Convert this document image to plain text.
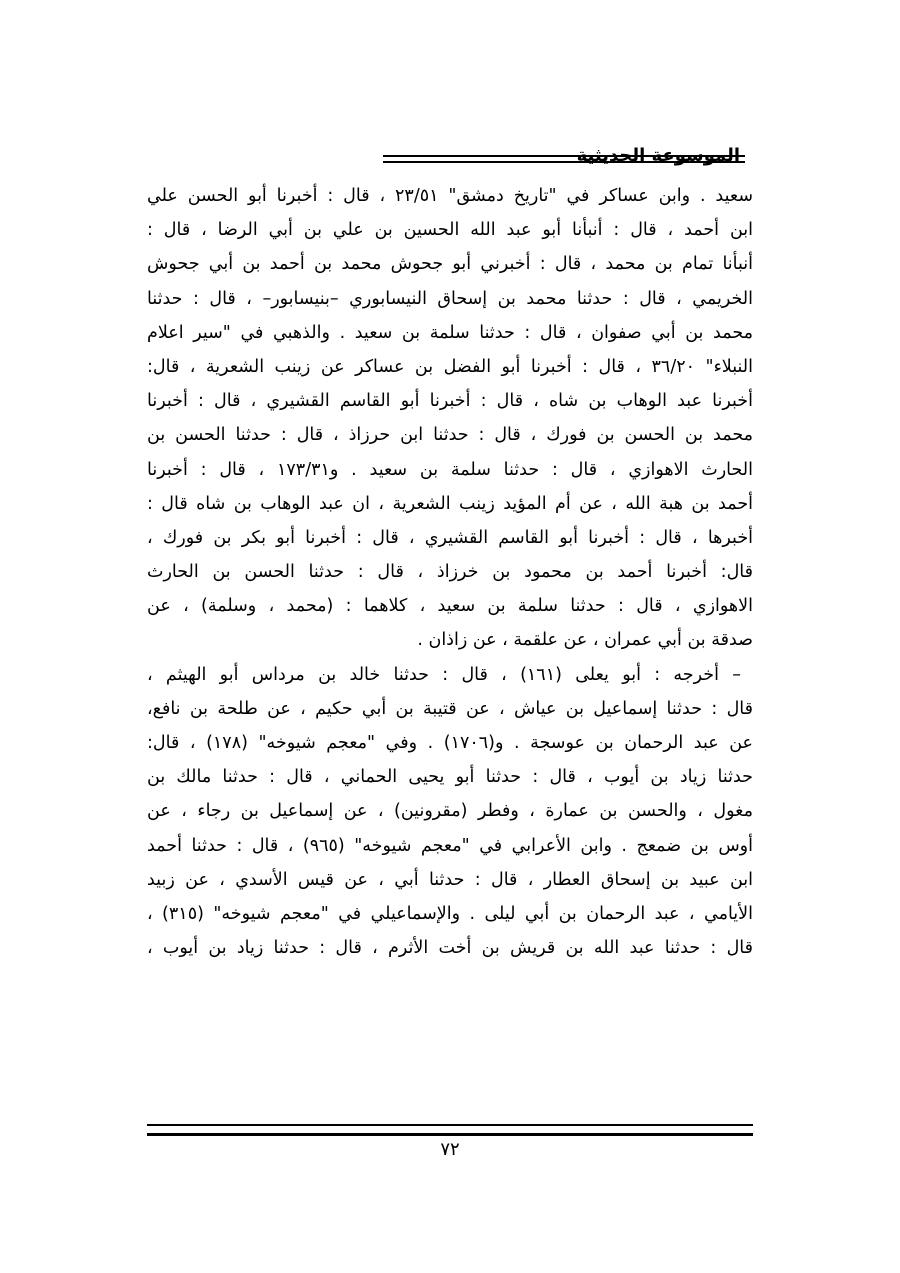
الموسوعة الحديثية
سعيد . وابن عساكر في "تاريخ دمشق" ٢٣/٥١ ، قال : أخبرنا أبو الحسن علي
ابن أحمد ، قال : أنبأنا أبو عبد الله الحسين بن علي بن أبي الرضا ، قال :
أنبأنا تمام بن محمد ، قال : أخبرني أبو جحوش محمد بن أحمد بن أبي جحوش
الخريمي ، قال : حدثنا محمد بن إسحاق النيسابوري –بنيسابور– ، قال : حدثنا
محمد بن أبي صفوان ، قال : حدثنا سلمة بن سعيد . والذهبي في "سير اعلام
النبلاء" ٣٦/٢٠ ، قال : أخبرنا أبو الفضل بن عساكر عن زينب الشعرية ، قال:
أخبرنا عبد الوهاب بن شاه ، قال : أخبرنا أبو القاسم القشيري ، قال : أخبرنا
محمد بن الحسن بن فورك ، قال : حدثنا ابن حرزاذ ، قال : حدثنا الحسن بن
الحارث الاهوازي ، قال : حدثنا سلمة بن سعيد . و١٧٣/٣١ ، قال : أخبرنا
أحمد بن هبة الله ، عن أم المؤيد زينب الشعرية ، ان عبد الوهاب بن شاه قال :
أخبرها ، قال : أخبرنا أبو القاسم القشيري ، قال : أخبرنا أبو بكر بن فورك ،
قال: أخبرنا أحمد بن محمود بن خرزاذ ، قال : حدثنا الحسن بن الحارث
الاهوازي ، قال : حدثنا سلمة بن سعيد ، كلاهما : (محمد ، وسلمة) ، عن
صدقة بن أبي عمران ، عن علقمة ، عن زاذان .
– أخرجه : أبو يعلى (١٦١) ، قال : حدثنا خالد بن مرداس أبو الهيثم ،
قال : حدثنا إسماعيل بن عياش ، عن قتيبة بن أبي حكيم ، عن طلحة بن نافع،
عن عبد الرحمان بن عوسجة . و(١٧٠٦) . وفي "معجم شيوخه" (١٧٨) ، قال:
حدثنا زياد بن أيوب ، قال : حدثنا أبو يحيى الحماني ، قال : حدثنا مالك بن
مغول ، والحسن بن عمارة ، وفطر (مقرونين) ، عن إسماعيل بن رجاء ، عن
أوس بن ضمعج . وابن الأعرابي في "معجم شيوخه" (٩٦٥) ، قال : حدثنا أحمد
ابن عبيد بن إسحاق العطار ، قال : حدثنا أبي ، عن قيس الأسدي ، عن زبيد
الأيامي ، عبد الرحمان بن أبي ليلى . والإسماعيلي في "معجم شيوخه" (٣١٥) ،
قال : حدثنا عبد الله بن قريش بن أخت الأثرم ، قال : حدثنا زياد بن أيوب ،
٧٢
